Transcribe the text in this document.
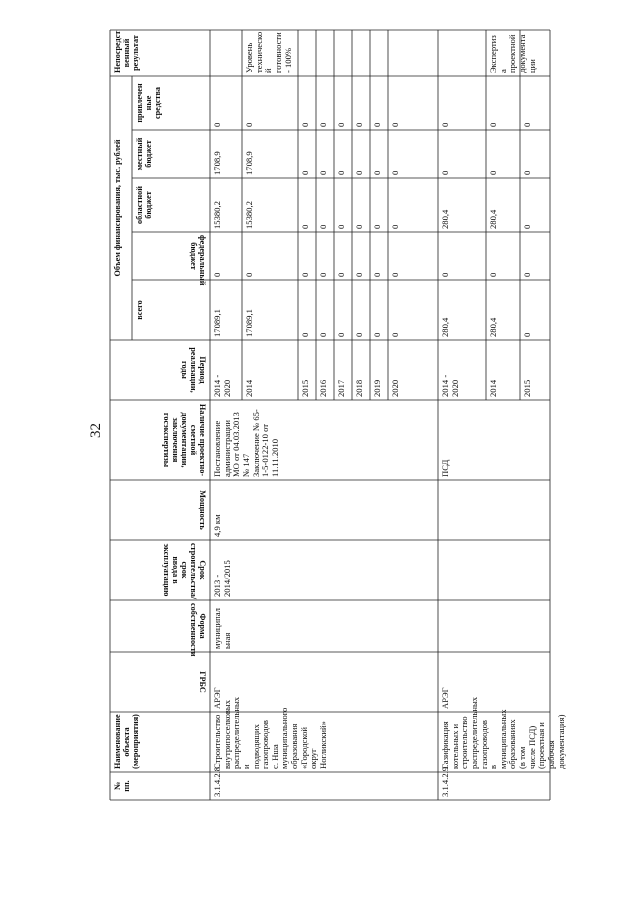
32
№
пп.
Наименование объекта
(мероприятия)
ГРБС
Форма
собственности
Срок
строительства/срок
ввода в
эксплуатацию
Мощность
Наличие проектно-
сметной
документации,
заключения
госэкспертизы
Период реализации,
годы
Объем финансирования, тыс. рублей
всего
федеральный
бюджет
областной
бюджет
местный
бюджет
привлечен
ные средства
Непосредст
венный
результат
3.1.4.2.8.
Строительство
внутрипоселковых
распределительных и
подводящих
газопроводов с. Нша
муниципального
образования
«Городской округ
Ногликский»
АРЭГ
муниципал
ьная
2013 -
2014/2015
4,9 км
Постановление
администрации
МО от 04.03.2013
№ 147
Заключение № 65-
1-5-0122-10 от
11.11.2010
2014 -
2020
17089,1
0
15380,2
1708,9
0
2014
17089,1
0
15380,2
1708,9
0
Уровень
техническо
й
готовности
- 100%
2015
0
0
0
0
0
2016
0
0
0
0
0
2017
0
0
0
0
0
2018
0
0
0
0
0
2019
0
0
0
0
0
2020
0
0
0
0
0
3.1.4.2.9.
Газификация
котельных и
строительство
распределительных
газопроводов в
муниципальных
образованиях (в том
числе ПСД)
(проектная и рабочая
документация)
АРЭГ
ПСД
2014 -
2020
280,4
0
280,4
0
0
2014
280,4
0
280,4
0
0
Экспертиз
а
проектной
документа
ции
2015
0
0
0
0
0
